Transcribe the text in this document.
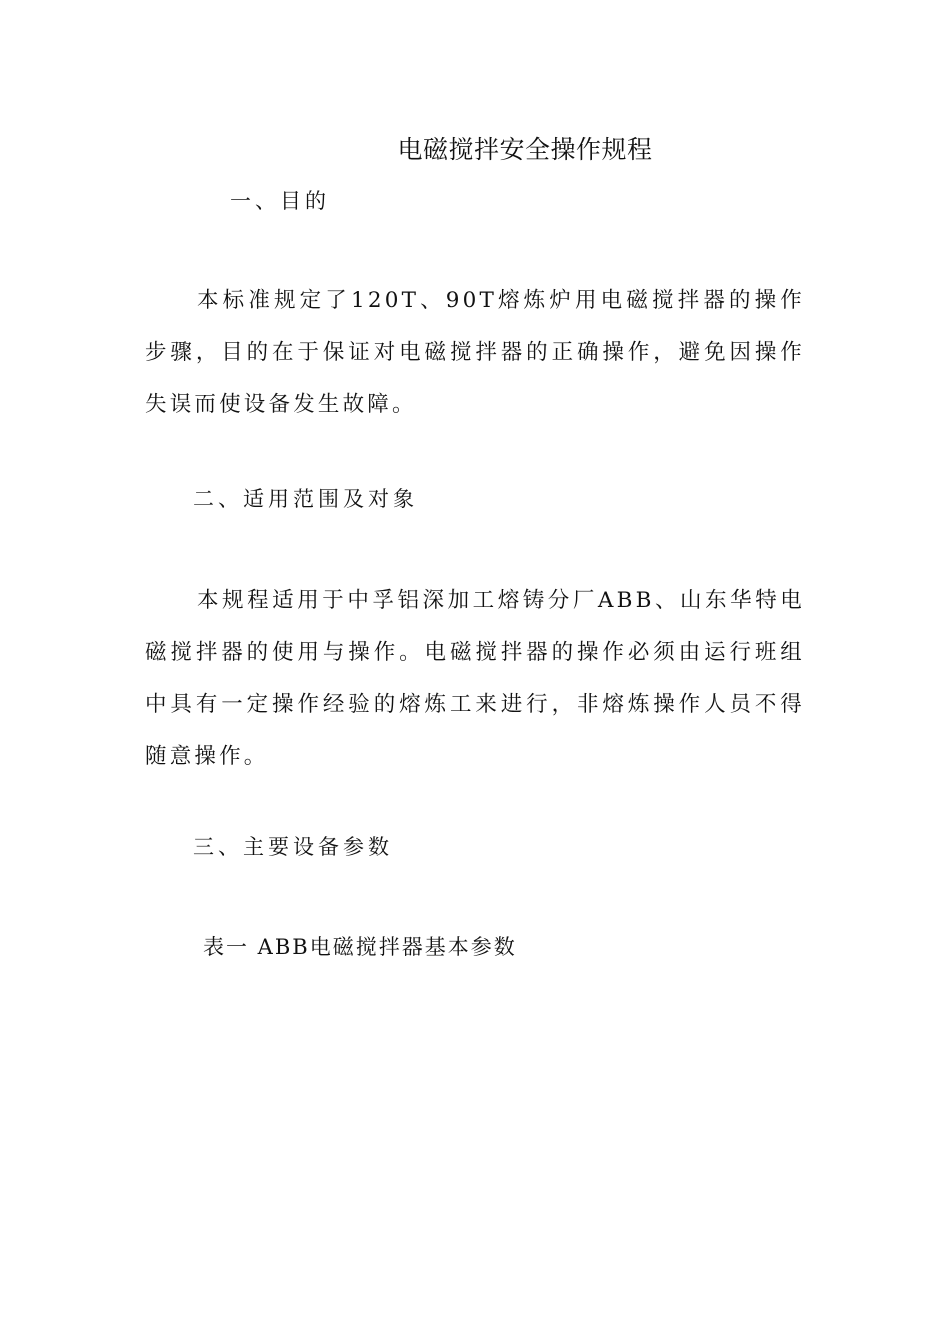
电磁搅拌安全操作规程
一、目的

本标准规定了120T、90T熔炼炉用电磁搅拌器的操作步骤，目的在于保证对电磁搅拌器的正确操作，避免因操作失误而使设备发生故障。

二、适用范围及对象

本规程适用于中孚铝深加工熔铸分厂ABB、山东华特电磁搅拌器的使用与操作。电磁搅拌器的操作必须由运行班组中具有一定操作经验的熔炼工来进行，非熔炼操作人员不得随意操作。

三、主要设备参数
表一 ABB电磁搅拌器基本参数
